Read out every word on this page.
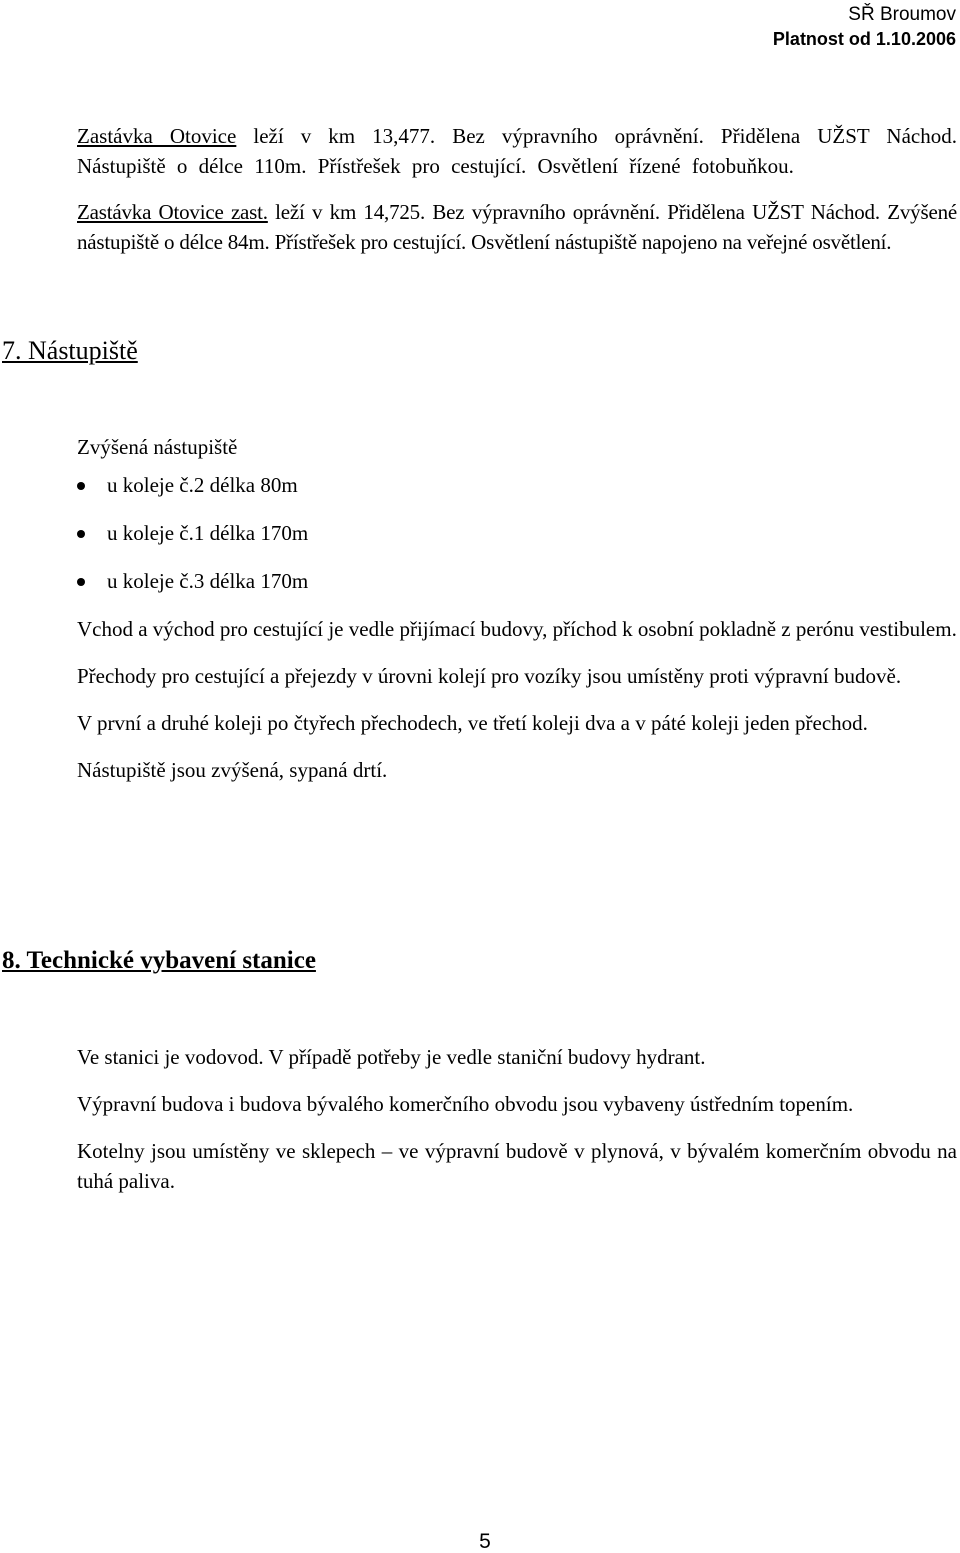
SŘ Broumov
Platnost od 1.10.2006

Zastávka Otovice leží v km 13,477. Bez výpravního oprávnění. Přidělena UŽST Náchod. Nástupiště o délce 110m. Přístřešek pro cestující. Osvětlení řízené fotobuňkou.

Zastávka Otovice zast. leží v km 14,725. Bez výpravního oprávnění. Přidělena UŽST Náchod. Zvýšené nástupiště o délce 84m. Přístřešek pro cestující. Osvětlení nástupiště napojeno na veřejné osvětlení.

7. Nástupiště

Zvýšená nástupiště

u koleje č.2 délka 80m
u koleje č.1 délka 170m
u koleje č.3 délka 170m

Vchod a východ pro cestující je vedle přijímací budovy, příchod k osobní pokladně z perónu vestibulem.

Přechody pro cestující a přejezdy v úrovni kolejí pro vozíky jsou umístěny proti výpravní budově.

V první a druhé koleji po čtyřech přechodech, ve třetí koleji dva a v páté koleji jeden přechod.

Nástupiště jsou zvýšená, sypaná drtí.

8. Technické vybavení stanice

Ve stanici je vodovod. V případě potřeby je vedle staniční budovy hydrant.

Výpravní budova i budova bývalého komerčního obvodu jsou vybaveny ústředním topením.

Kotelny jsou umístěny ve sklepech – ve výpravní budově v plynová, v bývalém komerčním obvodu na tuhá paliva.

5
